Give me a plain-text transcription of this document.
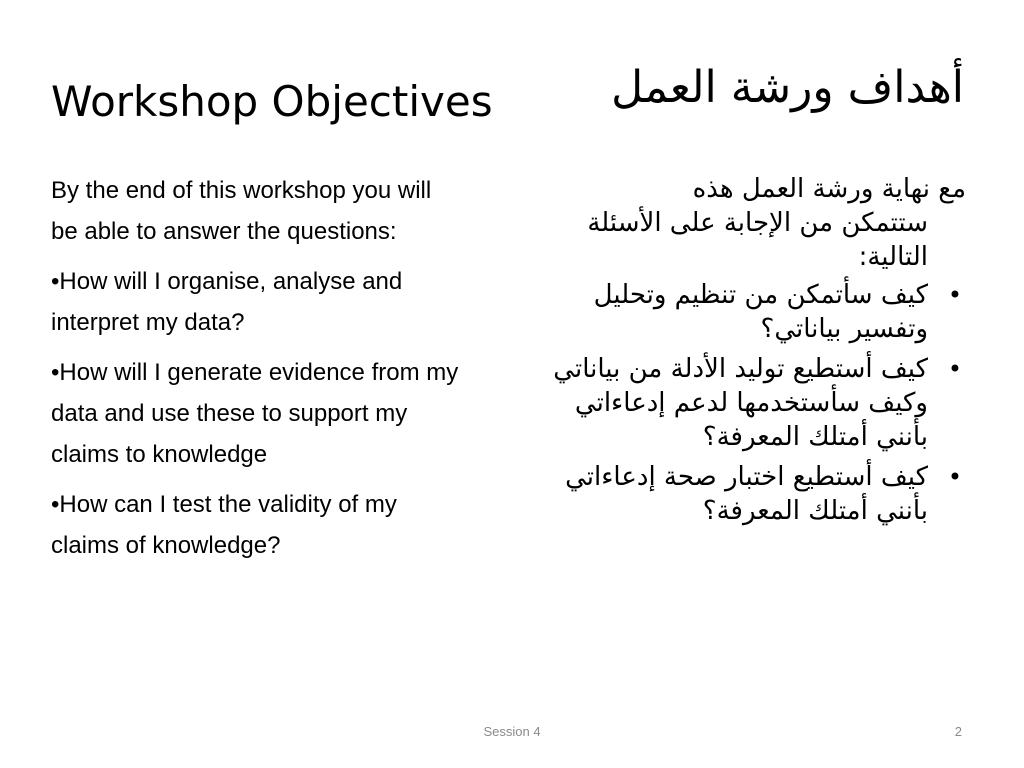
Workshop Objectives	أهداف ورشة العمل

By the end of this workshop you will be able to answer the questions:

•How will I organise, analyse and interpret my data?

•How will I generate evidence from my data and use these to support my claims to knowledge

•How can I test the validity of my claims of knowledge?

مع نهاية ورشة العمل هذه
ستتمكن من الإجابة على الأسئلة التالية:
•
كيف سأتمكن من تنظيم وتحليل وتفسير بياناتي؟
•
كيف أستطيع توليد الأدلة من بياناتي وكيف سأستخدمها لدعم إدعاءاتي بأنني أمتلك المعرفة؟
•
كيف أستطيع اختبار صحة إدعاءاتي بأنني أمتلك المعرفة؟
Session 4	2
